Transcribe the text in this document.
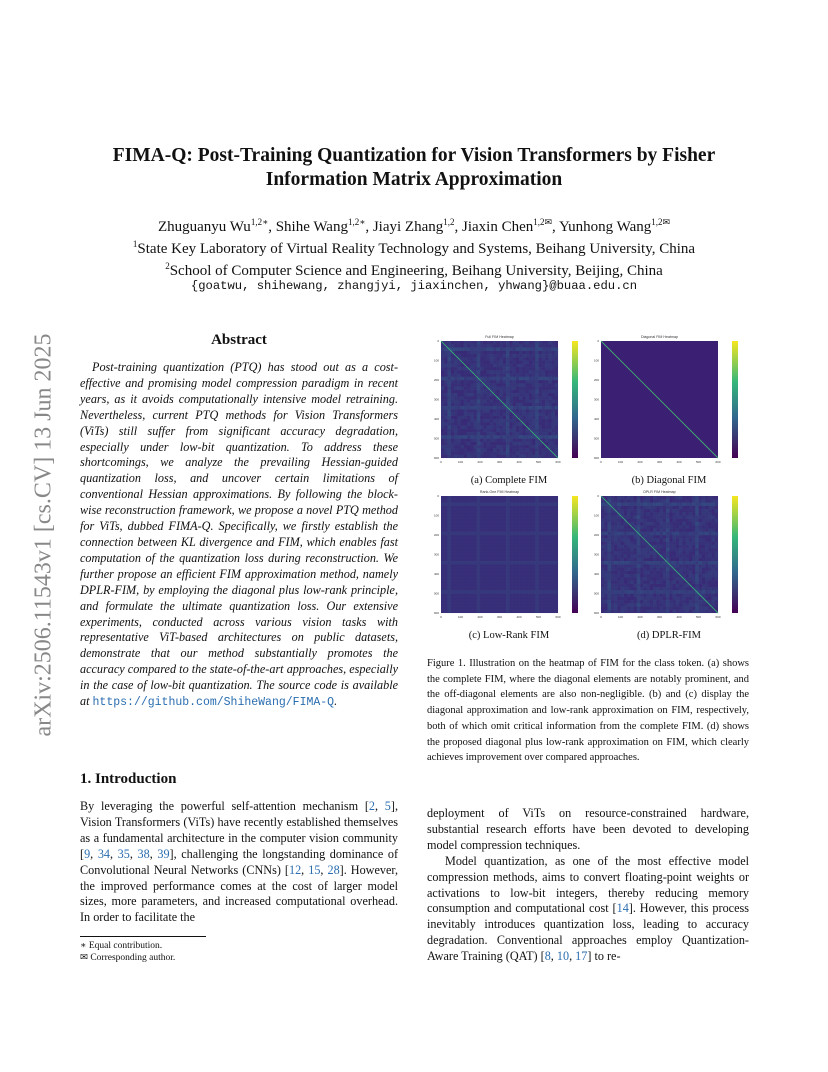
arXiv:2506.11543v1 [cs.CV] 13 Jun 2025
FIMA-Q: Post-Training Quantization for Vision Transformers by Fisher Information Matrix Approximation
Zhuguanyu $Wu^{1,2∗}$, Shihe Wang$^{1,2∗}$, Jiayi Zhang$^{1,2}$, Jiaxin Chen$^{1,2✉}$, Yunhong Wang$^{1,2✉}$
$^1$State Key Laboratory of Virtual Reality Technology and Systems, Beihang University, China
$^2$School of Computer Science and Engineering, Beihang University, Beijing, China
{goatwu, shihewang, zhangjyi, jiaxinchen, yhwang}@buaa.edu.cn
Abstract
Post-training quantization (PTQ) has stood out as a cost-effective and promising model compression paradigm in recent years, as it avoids computationally intensive model retraining. Nevertheless, current PTQ methods for Vision Transformers (ViTs) still suffer from significant accuracy degradation, especially under low-bit quantization. To address these shortcomings, we analyze the prevailing Hessian-guided quantization loss, and uncover certain limitations of conventional Hessian approximations. By following the block-wise reconstruction framework, we propose a novel PTQ method for ViTs, dubbed FIMA-Q. Specifically, we firstly establish the connection between KL divergence and FIM, which enables fast computation of the quantization loss during reconstruction. We further propose an efficient FIM approximation method, namely DPLR-FIM, by employing the diagonal plus low-rank principle, and formulate the ultimate quantization loss. Our extensive experiments, conducted across various vision tasks with representative ViT-based architectures on public datasets, demonstrate that our method substantially promotes the accuracy compared to the state-of-the-art approaches, especially in the case of low-bit quantization. The source code is available at https://github.com/ShiheWang/FIMA-Q.
1. Introduction
By leveraging the powerful self-attention mechanism [2, 5], Vision Transformers (ViTs) have recently established themselves as a fundamental architecture in the computer vision community [9, 34, 35, 38, 39], challenging the longstanding dominance of Convolutional Neural Networks (CNNs) [12, 15, 28]. However, the improved performance comes at the cost of larger model sizes, more parameters, and increased computational overhead. In order to facilitate the
∗ Equal contribution.
✉ Corresponding author.
Full FIM Heatmap
0
0
100
100
200
200
300
300
400
400
500
500
600
600
Diagonal FIM Heatmap
0
0
100
100
200
200
300
300
400
400
500
500
600
600
Rank-One FIM Heatmap
0
0
100
100
200
200
300
300
400
400
500
500
600
600
DPLR FIM Heatmap
0
0
100
100
200
200
300
300
400
400
500
500
600
600
(a) Complete FIM	(b) Diagonal FIM
(c) Low-Rank FIM	(d) DPLR-FIM
Figure 1. Illustration on the heatmap of FIM for the class token. (a) shows the complete FIM, where the diagonal elements are notably prominent, and the off-diagonal elements are also non-negligible. (b) and (c) display the diagonal approximation and low-rank approximation on FIM, respectively, both of which omit critical information from the complete FIM. (d) shows the proposed diagonal plus low-rank approximation on FIM, which clearly achieves improvement over compared approaches.

deployment of ViTs on resource-constrained hardware, substantial research efforts have been devoted to developing model compression techniques.

Model quantization, as one of the most effective model compression methods, aims to convert floating-point weights or activations to low-bit integers, thereby reducing memory consumption and computational cost [14]. However, this process inevitably introduces quantization loss, leading to accuracy degradation. Conventional approaches employ Quantization-Aware Training (QAT) [8, 10, 17] to re-
